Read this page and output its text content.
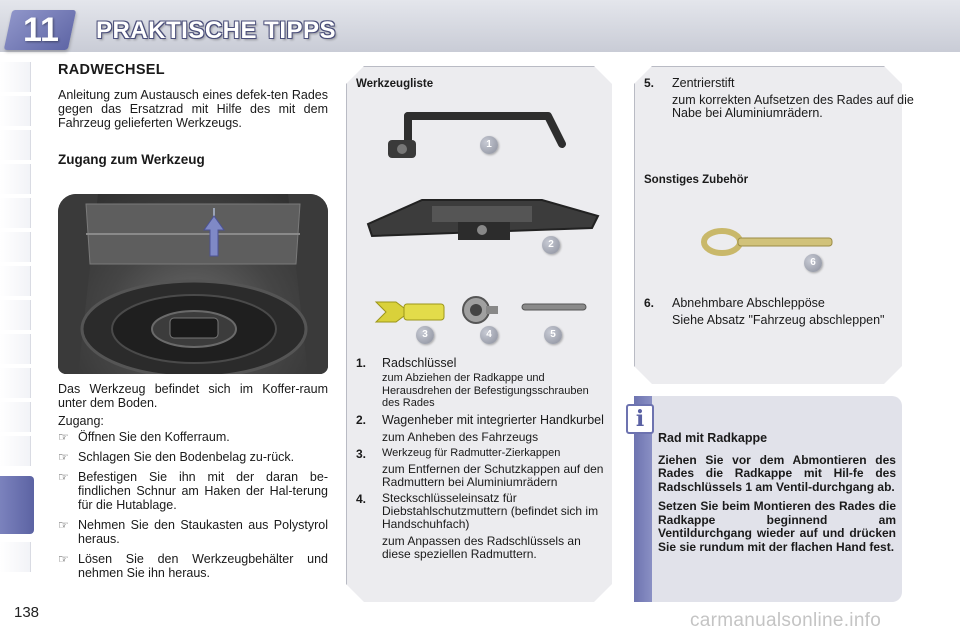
11	PRAKTISCHE TIPPS
RADWECHSEL

Anleitung zum Austausch eines defek-ten Rades gegen das Ersatzrad mit Hilfe des mit dem Fahrzeug gelieferten Werkzeugs.

Zugang zum Werkzeug

Das Werkzeug befindet sich im Koffer-raum unter dem Boden.

Zugang:

☞ Öffnen Sie den Kofferraum.
☞ Schlagen Sie den Bodenbelag zu-rück.
☞ Befestigen Sie ihn mit der daran be-findlichen Schnur am Haken der Hal-terung für die Hutablage.
☞ Nehmen Sie den Staukasten aus Polystyrol heraus.
☞ Lösen Sie den Werkzeugbehälter und nehmen Sie ihn heraus.
Werkzeugliste
1
2
3	4	5
1. Radschlüssel
zum Abziehen der Radkappe und Herausdrehen der Befestigungsschrauben des Rades
2. Wagenheber mit integrierter Handkurbel
zum Anheben des Fahrzeugs
3. Werkzeug für Radmutter-Zierkappen
zum Entfernen der Schutzkappen auf den Radmuttern bei Aluminiumrädern
4. Steckschlüsseleinsatz für Diebstahlschutzmuttern (befindet sich im Handschuhfach)
zum Anpassen des Radschlüssels an diese speziellen Radmuttern.
5. Zentrierstift
zum korrekten Aufsetzen des Rades auf die Nabe bei Aluminiumrädern.
Sonstiges Zubehör
6
6. Abnehmbare Abschleppöse
Siehe Absatz "Fahrzeug abschleppen"
i
Rad mit Radkappe

Ziehen Sie vor dem Abmontieren des Rades die Radkappe mit Hil-fe des Radschlüssels 1 am Ventil-durchgang ab.

Setzen Sie beim Montieren des Rades die Radkappe beginnend am Ventildurchgang wieder auf und drücken Sie sie rundum mit der flachen Hand fest.

138	carmanualsonline.info
